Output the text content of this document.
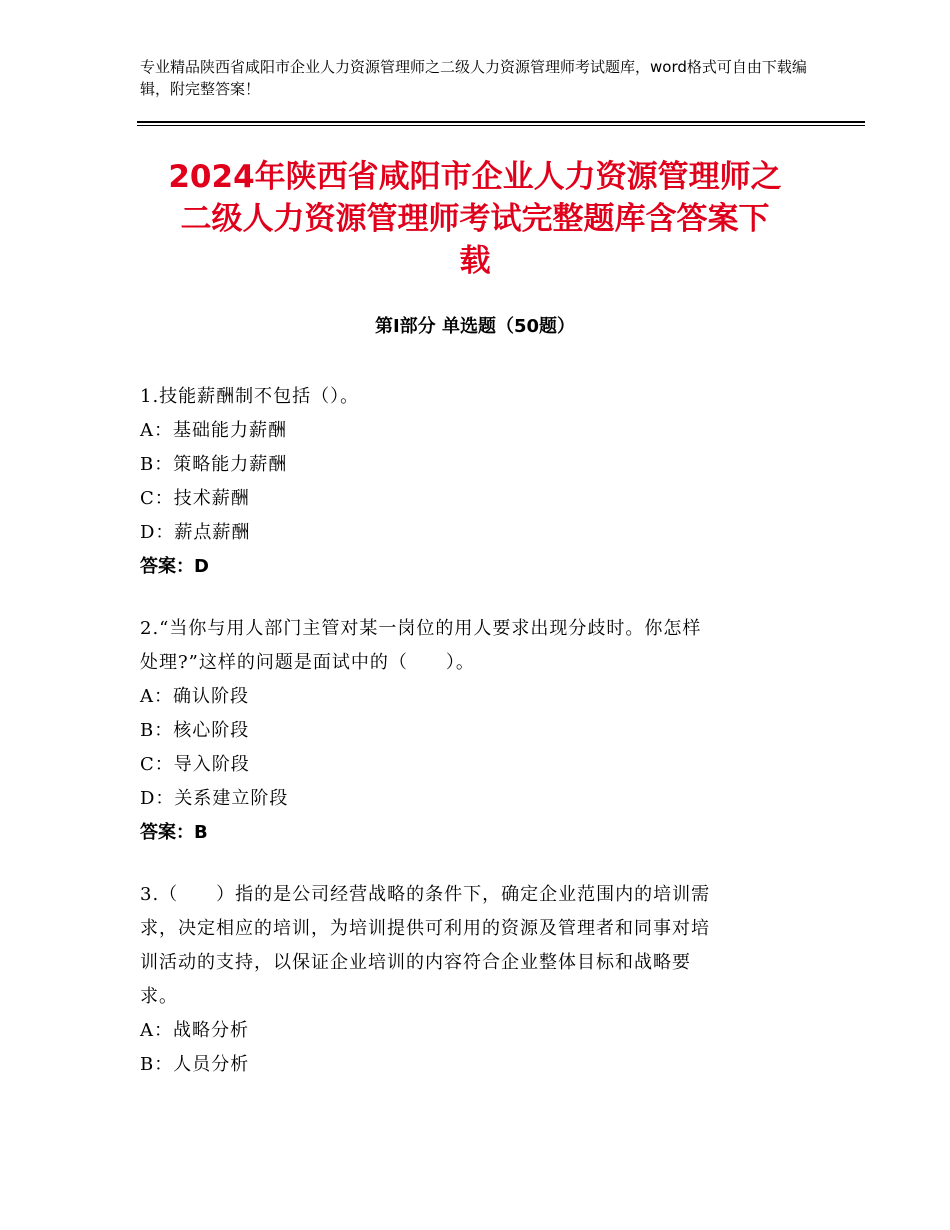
专业精品陕西省咸阳市企业人力资源管理师之二级人力资源管理师考试题库，word格式可自由下载编辑，附完整答案！
2024年陕西省咸阳市企业人力资源管理师之
二级人力资源管理师考试完整题库含答案下
载
第Ⅰ部分 单选题（50题）

1.技能薪酬制不包括（）。

A：基础能力薪酬

B：策略能力薪酬

C：技术薪酬

D：薪点薪酬

答案：D

2.“当你与用人部门主管对某一岗位的用人要求出现分歧时。你怎样

处理?”这样的问题是面试中的（　　）。

A：确认阶段

B：核心阶段

C：导入阶段

D：关系建立阶段

答案：B

3.（　　）指的是公司经营战略的条件下，确定企业范围内的培训需

求，决定相应的培训，为培训提供可利用的资源及管理者和同事对培

训活动的支持，以保证企业培训的内容符合企业整体目标和战略要

求。

A：战略分析

B：人员分析
